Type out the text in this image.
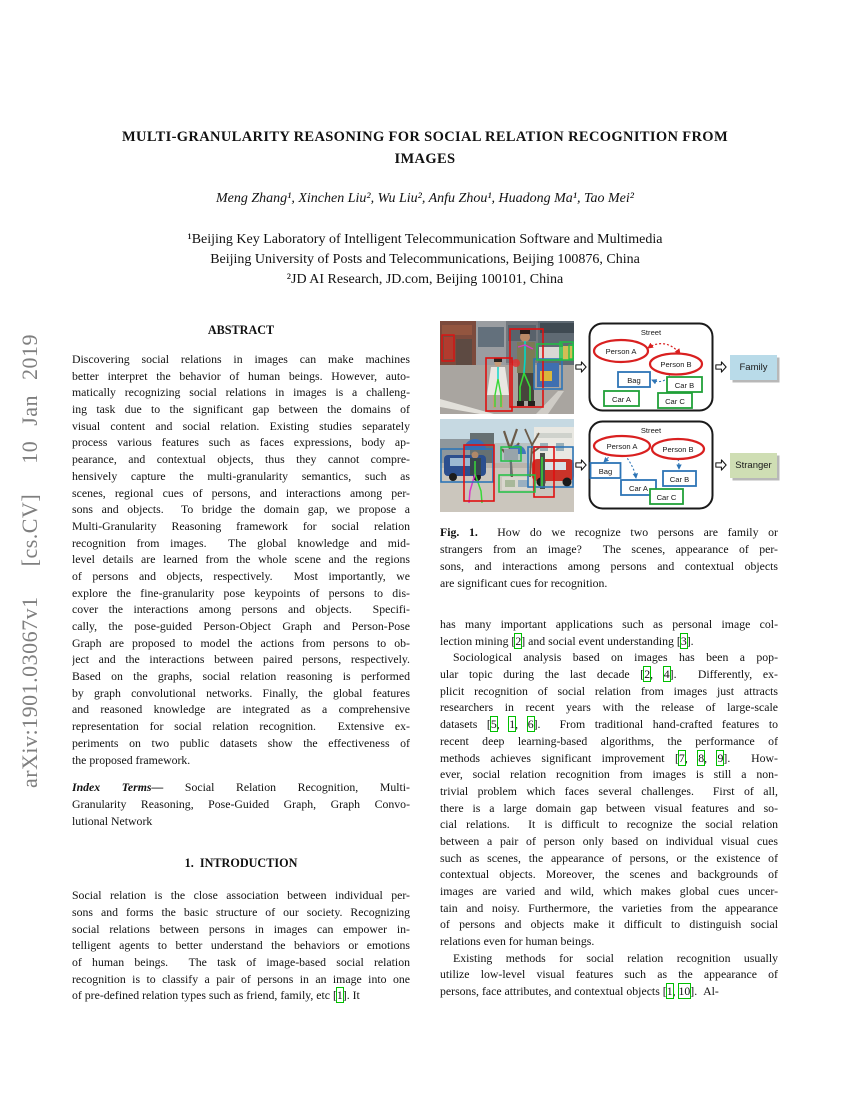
arXiv:1901.03067v1  [cs.CV]  10 Jan 2019
MULTI-GRANULARITY REASONING FOR SOCIAL RELATION RECOGNITION FROM
IMAGES
Meng Zhang¹, Xinchen Liu², Wu Liu², Anfu Zhou¹, Huadong Ma¹, Tao Mei²
¹Beijing Key Laboratory of Intelligent Telecommunication Software and Multimedia
Beijing University of Posts and Telecommunications, Beijing 100876, China
²JD AI Research, JD.com, Beijing 100101, China
ABSTRACT
Discovering social relations in images can make machines
better interpret the behavior of human beings. However, auto-
matically recognizing social relations in images is a challeng-
ing task due to the significant gap between the domains of
visual content and social relation. Existing studies separately
process various features such as faces expressions, body ap-
pearance, and contextual objects, thus they cannot compre-
hensively capture the multi-granularity semantics, such as
scenes, regional cues of persons, and interactions among per-
sons and objects.  To bridge the domain gap, we propose a
Multi-Granularity Reasoning framework for social relation
recognition from images.  The global knowledge and mid-
level details are learned from the whole scene and the regions
of persons and objects, respectively.  Most importantly, we
explore the fine-granularity pose keypoints of persons to dis-
cover the interactions among persons and objects.  Specifi-
cally, the pose-guided Person-Object Graph and Person-Pose
Graph are proposed to model the actions from persons to ob-
ject and the interactions between paired persons, respectively.
Based on the graphs, social relation reasoning is performed
by graph convolutional networks. Finally, the global features
and reasoned knowledge are integrated as a comprehensive
representation for social relation recognition.  Extensive ex-
periments on two public datasets show the effectiveness of
the proposed framework.
Index Terms— Social Relation Recognition, Multi-
Granularity Reasoning, Pose-Guided Graph, Graph Convo-
lutional Network
1.  INTRODUCTION
Social relation is the close association between individual per-
sons and forms the basic structure of our society. Recognizing
social relations between persons in images can empower in-
telligent agents to better understand the behaviors or emotions
of human beings.  The task of image-based social relation
recognition is to classify a pair of persons in an image into one
of pre-defined relation types such as friend, family, etc [1]. It
Street
Person A
Person B
Bag
Car B
Car A	Car C
Family
Street
Person A	Person B
Bag
Car A
Car B
Car C
Stranger
Fig. 1.  How do we recognize two persons are family or
strangers from an image?  The scenes, appearance of per-
sons, and interactions among persons and contextual objects
are significant cues for recognition.
has many important applications such as personal image col-
lection mining [2] and social event understanding [3].
Sociological analysis based on images has been a pop-
ular topic during the last decade [2, 4].  Differently, ex-
plicit recognition of social relation from images just attracts
researchers in recent years with the release of large-scale
datasets [5, 1, 6].  From traditional hand-crafted features to
recent deep learning-based algorithms, the performance of
methods achieves significant improvement [7, 8, 9].  How-
ever, social relation recognition from images is still a non-
trivial problem which faces several challenges.  First of all,
there is a large domain gap between visual features and so-
cial relations.  It is difficult to recognize the social relation
between a pair of person only based on individual visual cues
such as scenes, the appearance of persons, or the existence of
contextual objects. Moreover, the scenes and backgrounds of
images are varied and wild, which makes global cues uncer-
tain and noisy. Furthermore, the varieties from the appearance
of persons and objects make it difficult to distinguish social
relations even for human beings.
Existing methods for social relation recognition usually
utilize low-level visual features such as the appearance of
persons, face attributes, and contextual objects [1, 10].  Al-
